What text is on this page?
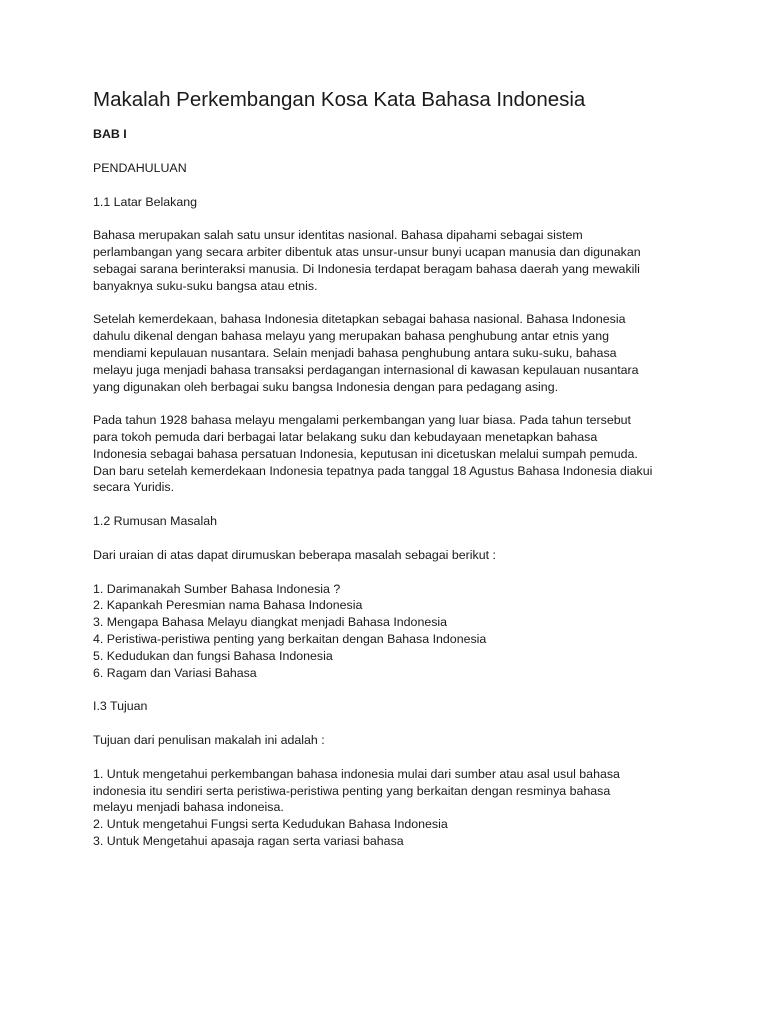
Makalah Perkembangan Kosa Kata Bahasa Indonesia
BAB I
PENDAHULUAN
1.1 Latar Belakang
Bahasa merupakan salah satu unsur identitas nasional. Bahasa dipahami sebagai sistem
perlambangan yang secara arbiter dibentuk atas unsur-unsur bunyi ucapan manusia dan digunakan
sebagai sarana berinteraksi manusia. Di Indonesia terdapat beragam bahasa daerah yang mewakili
banyaknya suku-suku bangsa atau etnis.
Setelah kemerdekaan, bahasa Indonesia ditetapkan sebagai bahasa nasional. Bahasa Indonesia
dahulu dikenal dengan bahasa melayu yang merupakan bahasa penghubung antar etnis yang
mendiami kepulauan nusantara. Selain menjadi bahasa penghubung antara suku-suku, bahasa
melayu juga menjadi bahasa transaksi perdagangan internasional di kawasan kepulauan nusantara
yang digunakan oleh berbagai suku bangsa Indonesia dengan para pedagang asing.
Pada tahun 1928 bahasa melayu mengalami perkembangan yang luar biasa. Pada tahun tersebut
para tokoh pemuda dari berbagai latar belakang suku dan kebudayaan menetapkan bahasa
Indonesia sebagai bahasa persatuan Indonesia, keputusan ini dicetuskan melalui sumpah pemuda.
Dan baru setelah kemerdekaan Indonesia tepatnya pada tanggal 18 Agustus Bahasa Indonesia diakui
secara Yuridis.
1.2 Rumusan Masalah
Dari uraian di atas dapat dirumuskan beberapa masalah sebagai berikut :
1. Darimanakah Sumber Bahasa Indonesia ?
2. Kapankah Peresmian nama Bahasa Indonesia
3. Mengapa Bahasa Melayu diangkat menjadi Bahasa Indonesia
4. Peristiwa-peristiwa penting yang berkaitan dengan Bahasa Indonesia
5. Kedudukan dan fungsi Bahasa Indonesia
6. Ragam dan Variasi Bahasa
I.3 Tujuan
Tujuan dari penulisan makalah ini adalah :
1. Untuk mengetahui perkembangan bahasa indonesia mulai dari sumber atau asal usul bahasa
indonesia itu sendiri serta peristiwa-peristiwa penting yang berkaitan dengan resminya bahasa
melayu menjadi bahasa indoneisa.
2. Untuk mengetahui Fungsi serta Kedudukan Bahasa Indonesia
3. Untuk Mengetahui apasaja ragan serta variasi bahasa
